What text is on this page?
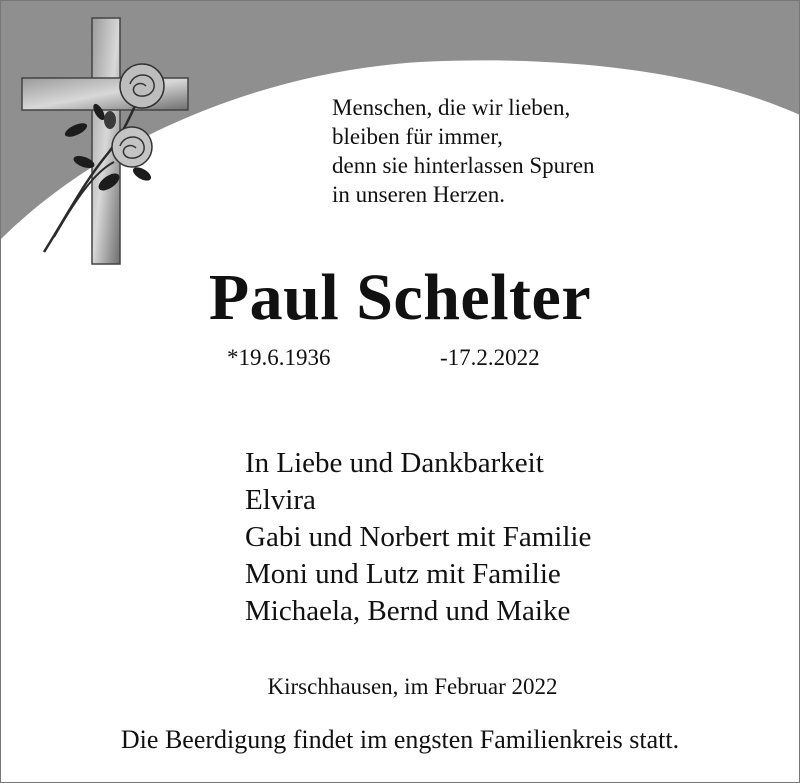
Menschen, die wir lieben,
bleiben für immer,
denn sie hinterlassen Spuren
in unseren Herzen.
Paul Schelter
*19.6.1936	‐17.2.2022
In Liebe und Dankbarkeit
Elvira
Gabi und Norbert mit Familie
Moni und Lutz mit Familie
Michaela, Bernd und Maike
Kirschhausen, im Februar 2022
Die Beerdigung findet im engsten Familienkreis statt.
